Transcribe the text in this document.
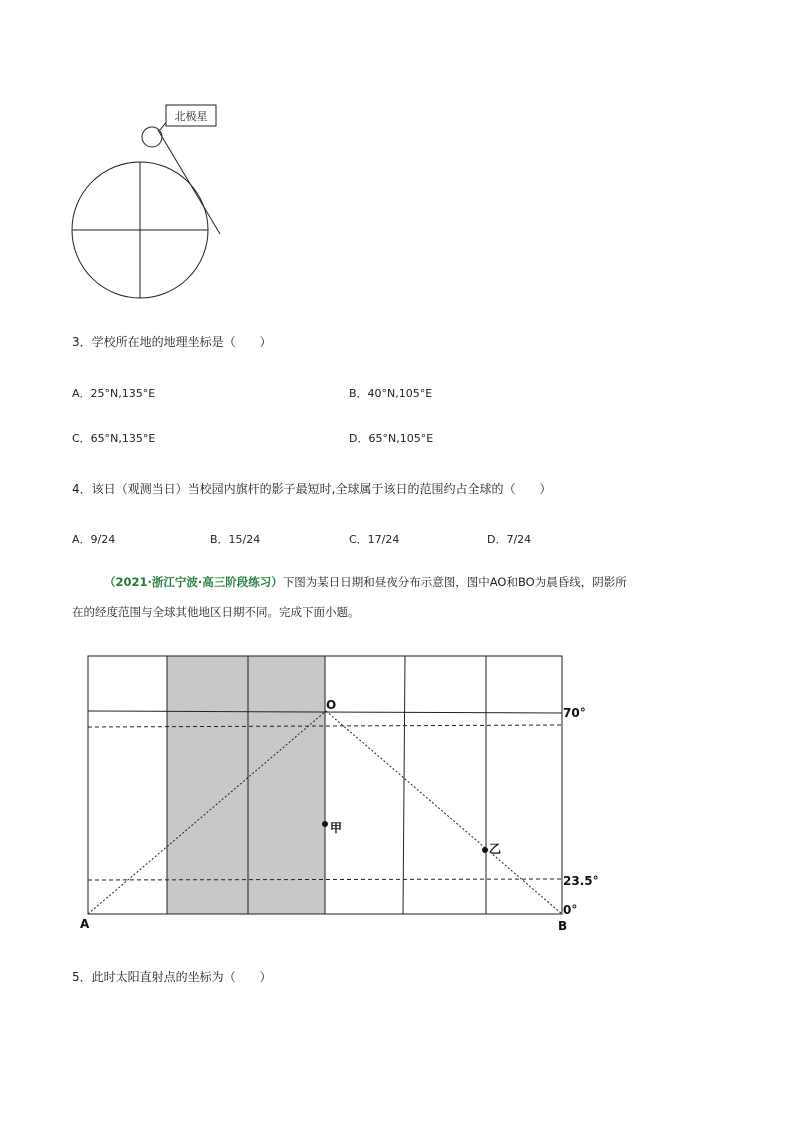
北极星
3．学校所在地的地理坐标是（　　）
A．25°N,135°E	B．40°N,105°E
C．65°N,135°E	D．65°N,105°E
4．该日（观测当日）当校园内旗杆的影子最短时,全球属于该日的范围约占全球的（　　）
A．9/24	B．15/24	C．17/24	D．7/24
（2021·浙江宁波·高三阶段练习）下图为某日日期和昼夜分布示意图，图中AO和BO为晨昏线，阴影所
在的经度范围与全球其他地区日期不同。完成下面小题。
O
甲
乙
A	B
70°
23.5°
0°
5．此时太阳直射点的坐标为（　　）
